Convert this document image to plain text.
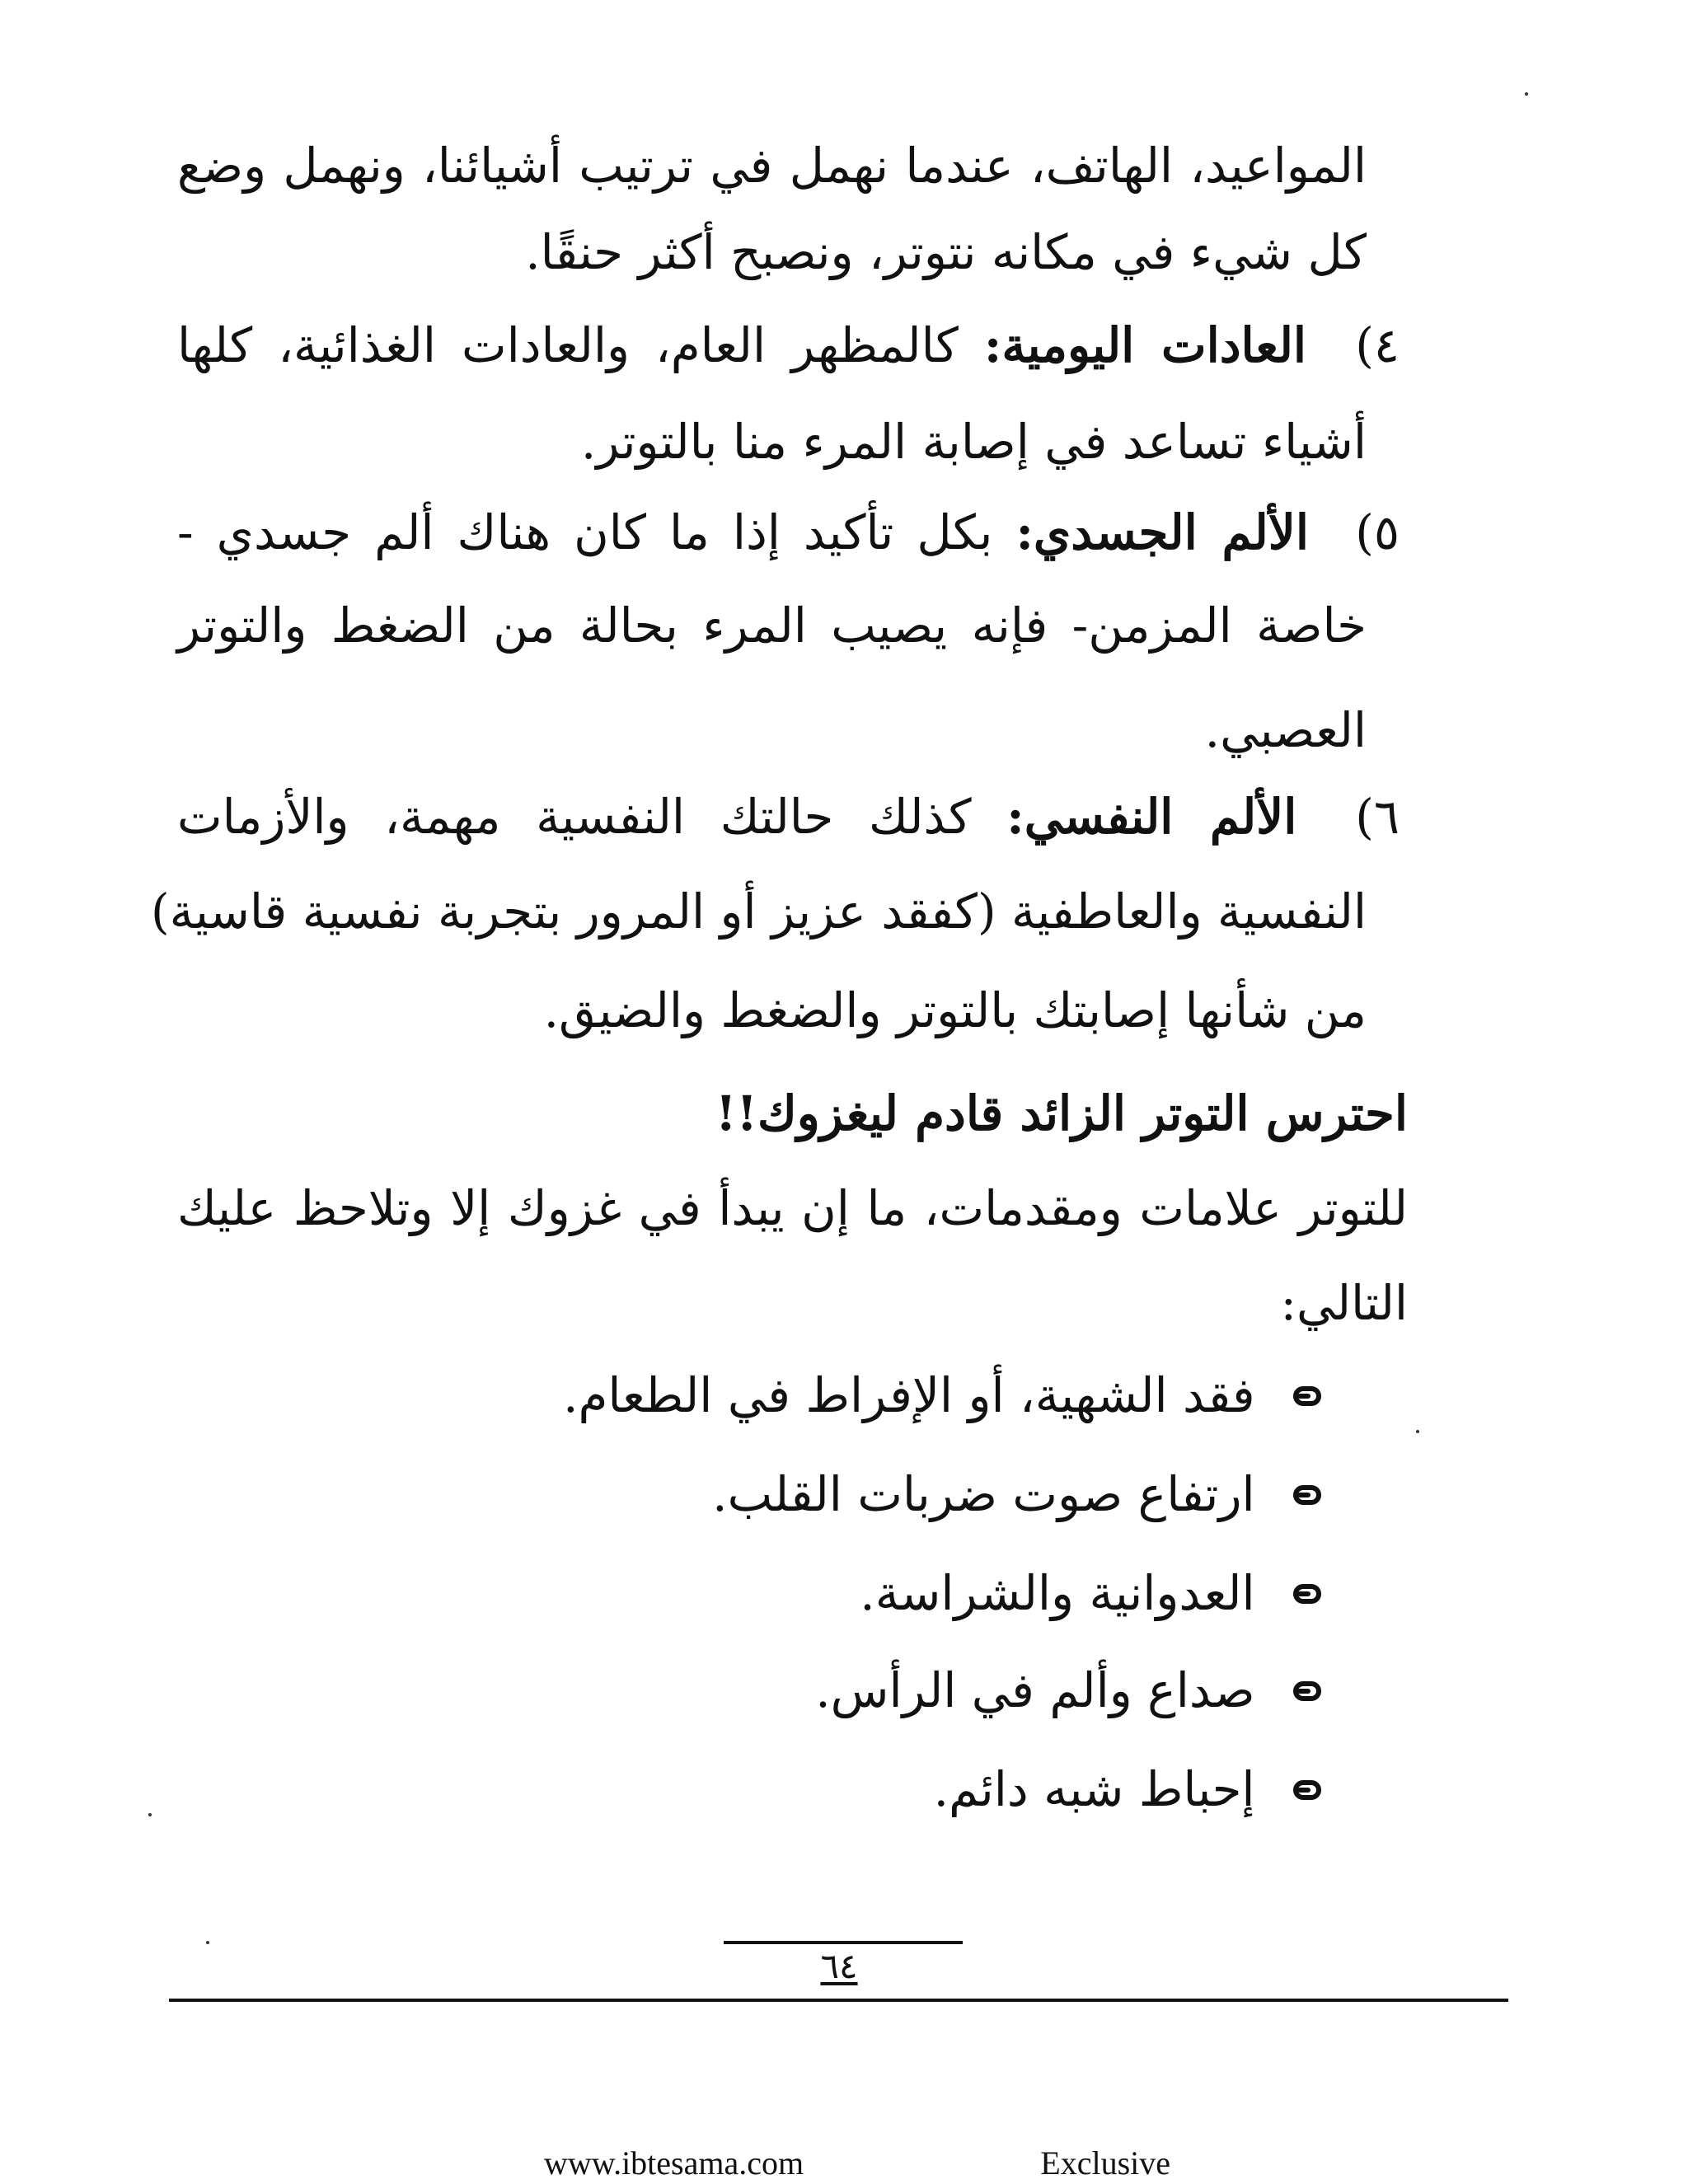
المواعيد، الهاتف، عندما نهمل في ترتيب أشيائنا، ونهمل وضع
كل شيء في مكانه نتوتر، ونصبح أكثر حنقًا.
٤) العادات اليومية: كالمظهر العام، والعادات الغذائية، كلها
أشياء تساعد في إصابة المرء منا بالتوتر.
٥) الألم الجسدي: بكل تأكيد إذا ما كان هناك ألم جسدي -
خاصة المزمن- فإنه يصيب المرء بحالة من الضغط والتوتر
العصبي.
٦) الألم النفسي: كذلك حالتك النفسية مهمة، والأزمات
النفسية والعاطفية (كفقد عزيز أو المرور بتجربة نفسية قاسية)
من شأنها إصابتك بالتوتر والضغط والضيق.
احترس التوتر الزائد قادم ليغزوك!!
للتوتر علامات ومقدمات، ما إن يبدأ في غزوك إلا وتلاحظ عليك
التالي:
فقد الشهية، أو الإفراط في الطعام.
ارتفاع صوت ضربات القلب.
العدوانية والشراسة.
صداع وألم في الرأس.
إحباط شبه دائم.
٦٤
www.ibtesama.com	Exclusive
